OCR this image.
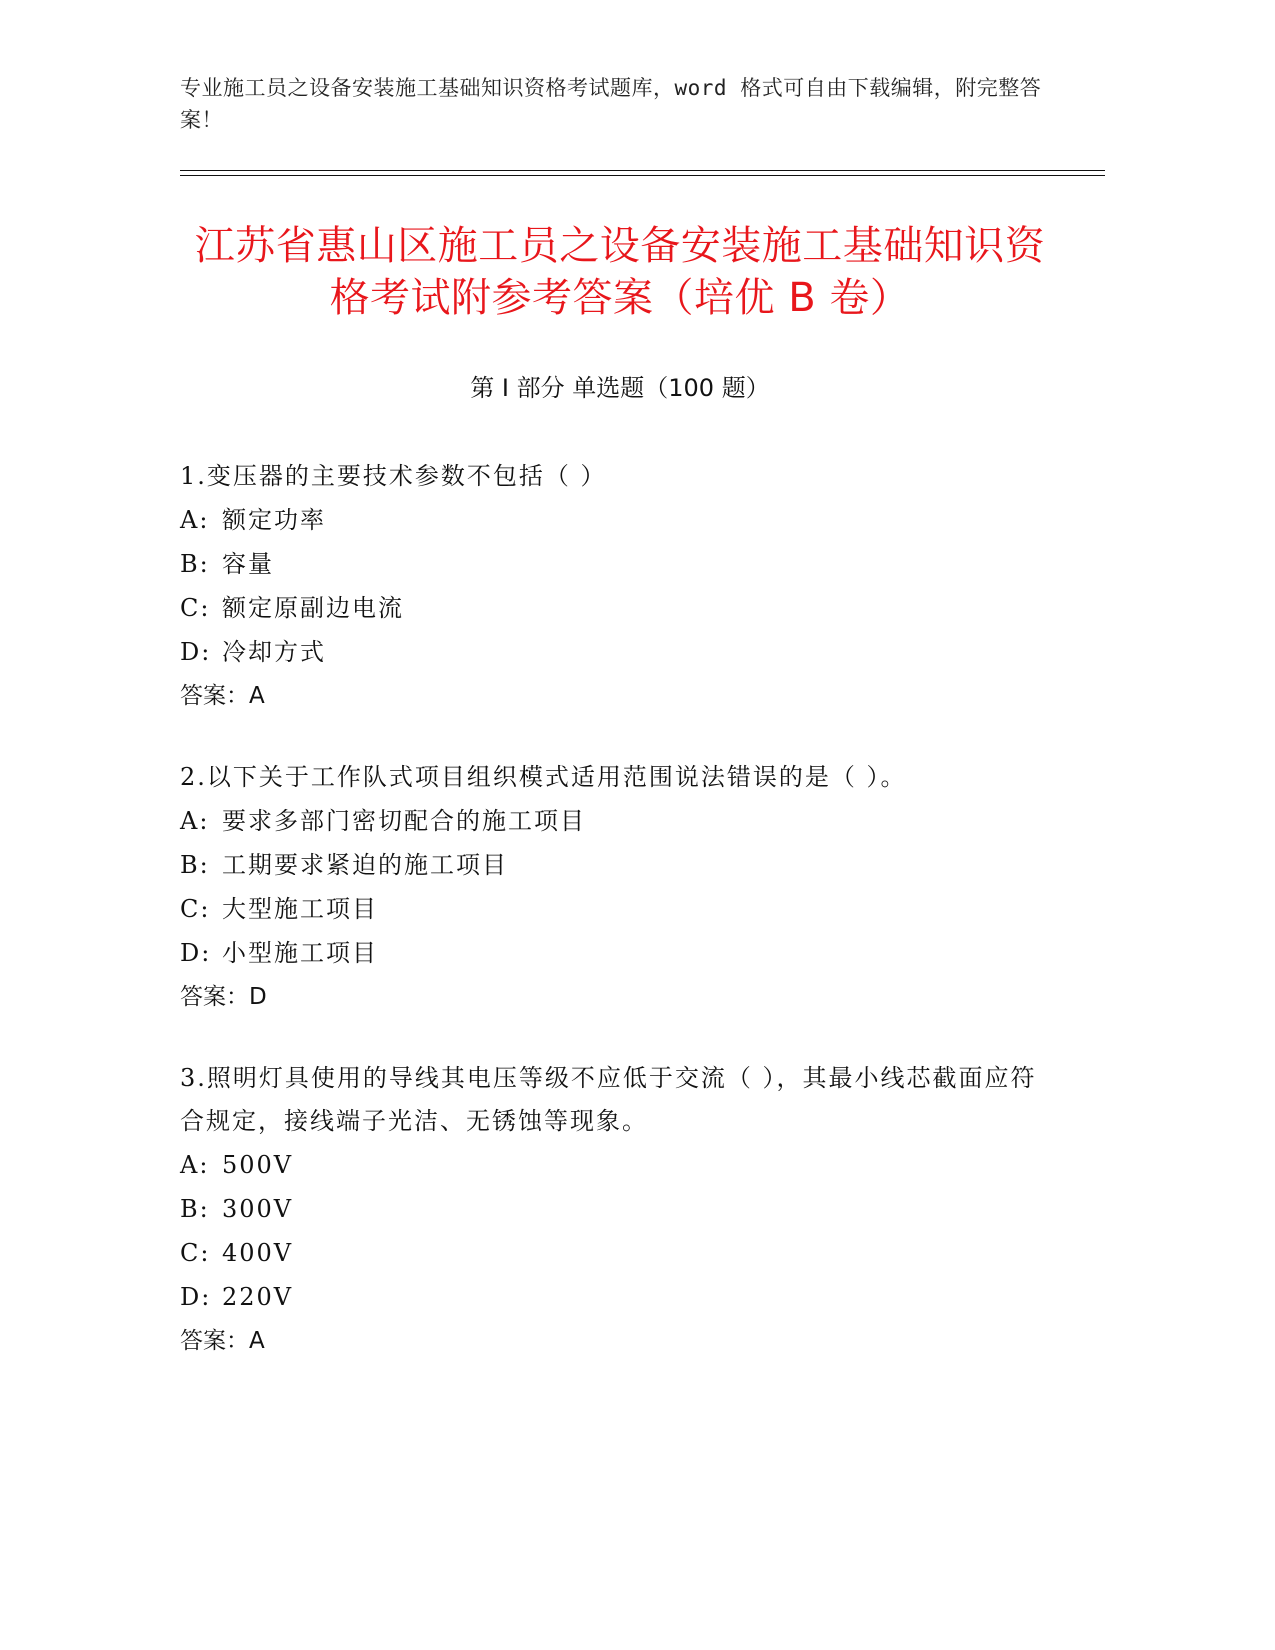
专业施工员之设备安装施工基础知识资格考试题库，word 格式可自由下载编辑，附完整答案！
江苏省惠山区施工员之设备安装施工基础知识资格考试附参考答案（培优 B 卷）
第 I 部分 单选题（100 题）
1.变压器的主要技术参数不包括（ ）
A: 额定功率
B: 容量
C: 额定原副边电流
D: 冷却方式
答案：A
2.以下关于工作队式项目组织模式适用范围说法错误的是（ ）。
A: 要求多部门密切配合的施工项目
B: 工期要求紧迫的施工项目
C: 大型施工项目
D: 小型施工项目
答案：D
3.照明灯具使用的导线其电压等级不应低于交流（ ），其最小线芯截面应符合规定，接线端子光洁、无锈蚀等现象。
A: 500V
B: 300V
C: 400V
D: 220V
答案：A
